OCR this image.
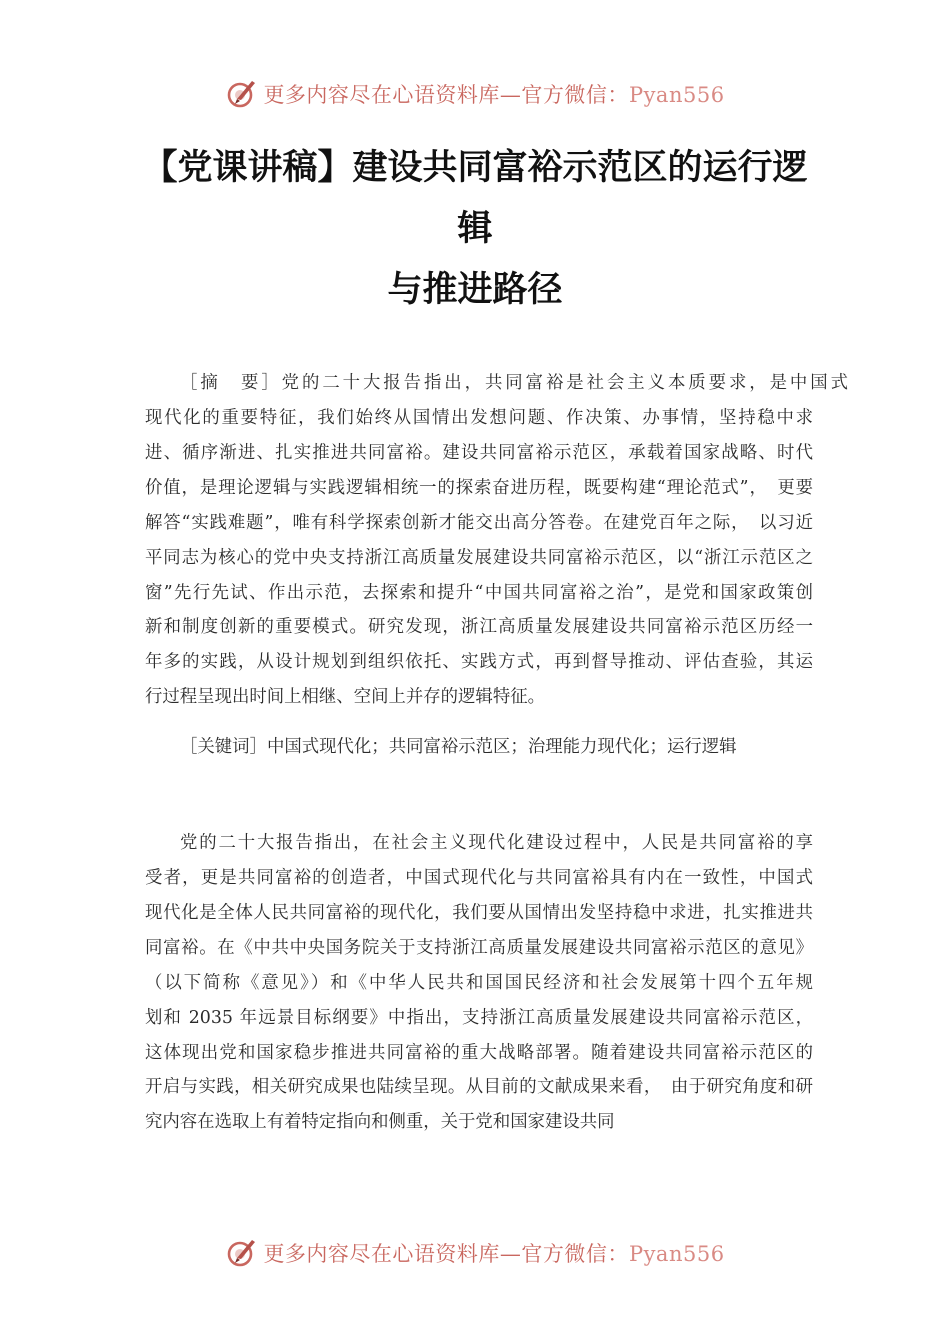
更多内容尽在心语资料库—官方微信：Pyan556
【党课讲稿】建设共同富裕示范区的运行逻
辑
与推进路径
［摘　要］党的二十大报告指出，共同富裕是社会主义本质要求，是中国式
现代化的重要特征，我们始终从国情出发想问题、作决策、办事情，坚持稳中求
进、循序渐进、扎实推进共同富裕。建设共同富裕示范区，承载着国家战略、时代
价值，是理论逻辑与实践逻辑相统一的探索奋进历程，既要构建“理论范式”，　更要
解答“实践难题”，唯有科学探索创新才能交出高分答卷。在建党百年之际，　以习近
平同志为核心的党中央支持浙江高质量发展建设共同富裕示范区，以“浙江示范区之
窗”先行先试、作出示范，去探索和提升“中国共同富裕之治”，是党和国家政策创
新和制度创新的重要模式。研究发现，浙江高质量发展建设共同富裕示范区历经一
年多的实践，从设计规划到组织依托、实践方式，再到督导推动、评估查验，其运
行过程呈现出时间上相继、空间上并存的逻辑特征。
［关键词］中国式现代化；共同富裕示范区；治理能力现代化；运行逻辑
党的二十大报告指出，在社会主义现代化建设过程中，人民是共同富裕的享
受者，更是共同富裕的创造者，中国式现代化与共同富裕具有内在一致性，中国式
现代化是全体人民共同富裕的现代化，我们要从国情出发坚持稳中求进，扎实推进共
同富裕。在《中共中央国务院关于支持浙江高质量发展建设共同富裕示范区的意见》
（以下简称《意见》）和《中华人民共和国国民经济和社会发展第十四个五年规
划和 2035 年远景目标纲要》中指出，支持浙江高质量发展建设共同富裕示范区，
这体现出党和国家稳步推进共同富裕的重大战略部署。随着建设共同富裕示范区的
开启与实践，相关研究成果也陆续呈现。从目前的文献成果来看，　由于研究角度和研
究内容在选取上有着特定指向和侧重，关于党和国家建设共同
更多内容尽在心语资料库—官方微信：Pyan556
